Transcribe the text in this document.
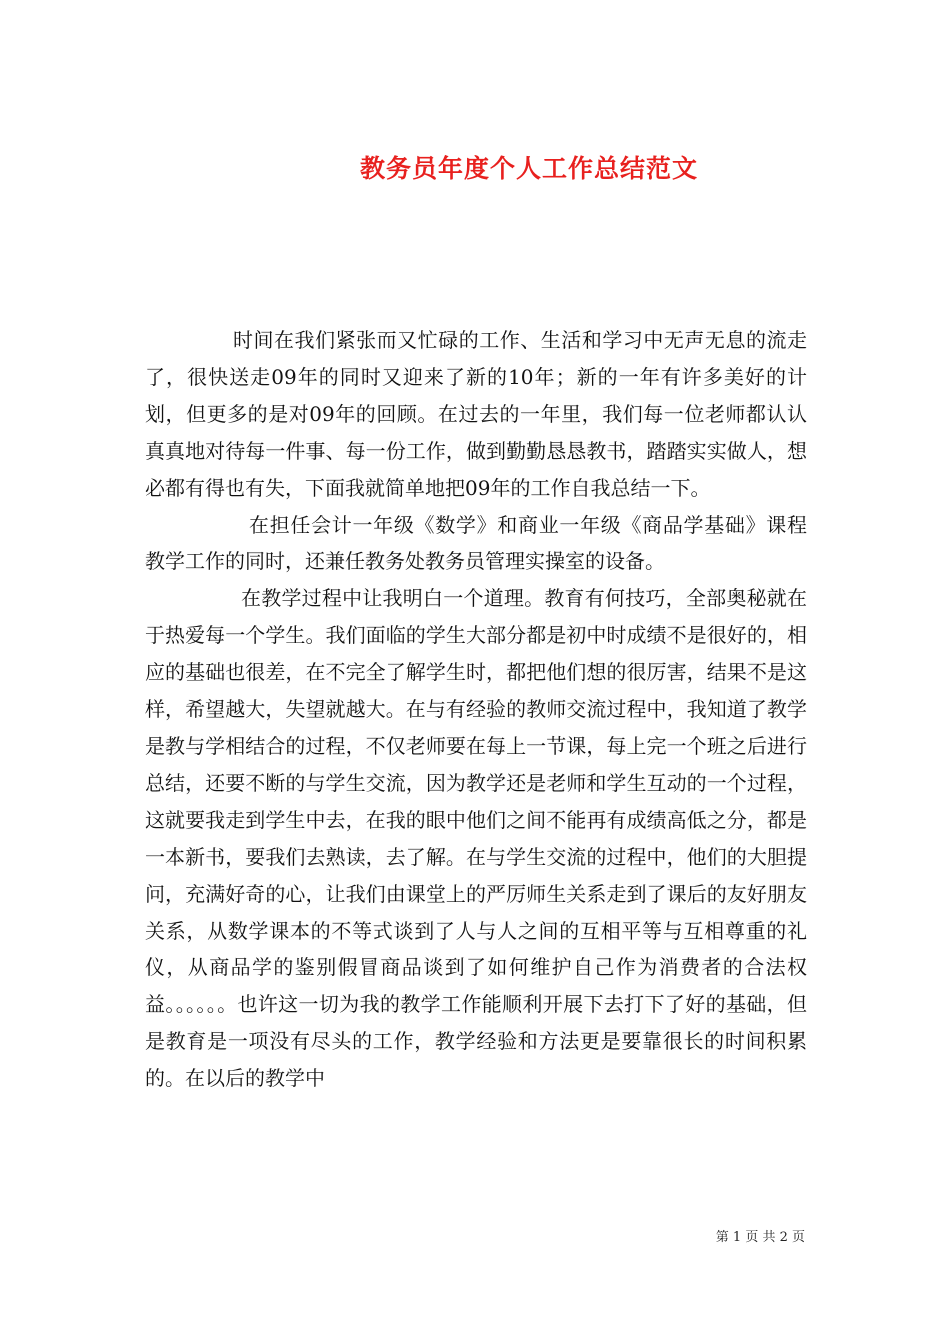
教务员年度个人工作总结范文

时间在我们紧张而又忙碌的工作、生活和学习中无声无息的流走了，很快送走09年的同时又迎来了新的10年；新的一年有许多美好的计划，但更多的是对09年的回顾。在过去的一年里，我们每一位老师都认认真真地对待每一件事、每一份工作，做到勤勤恳恳教书，踏踏实实做人，想必都有得也有失，下面我就简单地把09年的工作自我总结一下。

在担任会计一年级《数学》和商业一年级《商品学基础》课程教学工作的同时，还兼任教务处教务员管理实操室的设备。

在教学过程中让我明白一个道理。教育有何技巧，全部奥秘就在于热爱每一个学生。我们面临的学生大部分都是初中时成绩不是很好的，相应的基础也很差，在不完全了解学生时，都把他们想的很厉害，结果不是这样，希望越大，失望就越大。在与有经验的教师交流过程中，我知道了教学是教与学相结合的过程，不仅老师要在每上一节课，每上完一个班之后进行总结，还要不断的与学生交流，因为教学还是老师和学生互动的一个过程，这就要我走到学生中去，在我的眼中他们之间不能再有成绩高低之分，都是一本新书，要我们去熟读，去了解。在与学生交流的过程中，他们的大胆提问，充满好奇的心，让我们由课堂上的严厉师生关系走到了课后的友好朋友关系，从数学课本的不等式谈到了人与人之间的互相平等与互相尊重的礼仪，从商品学的鉴别假冒商品谈到了如何维护自己作为消费者的合法权益。。。。。。也许这一切为我的教学工作能顺利开展下去打下了好的基础，但是教育是一项没有尽头的工作，教学经验和方法更是要靠很长的时间积累的。在以后的教学中

第 1 页 共 2 页
